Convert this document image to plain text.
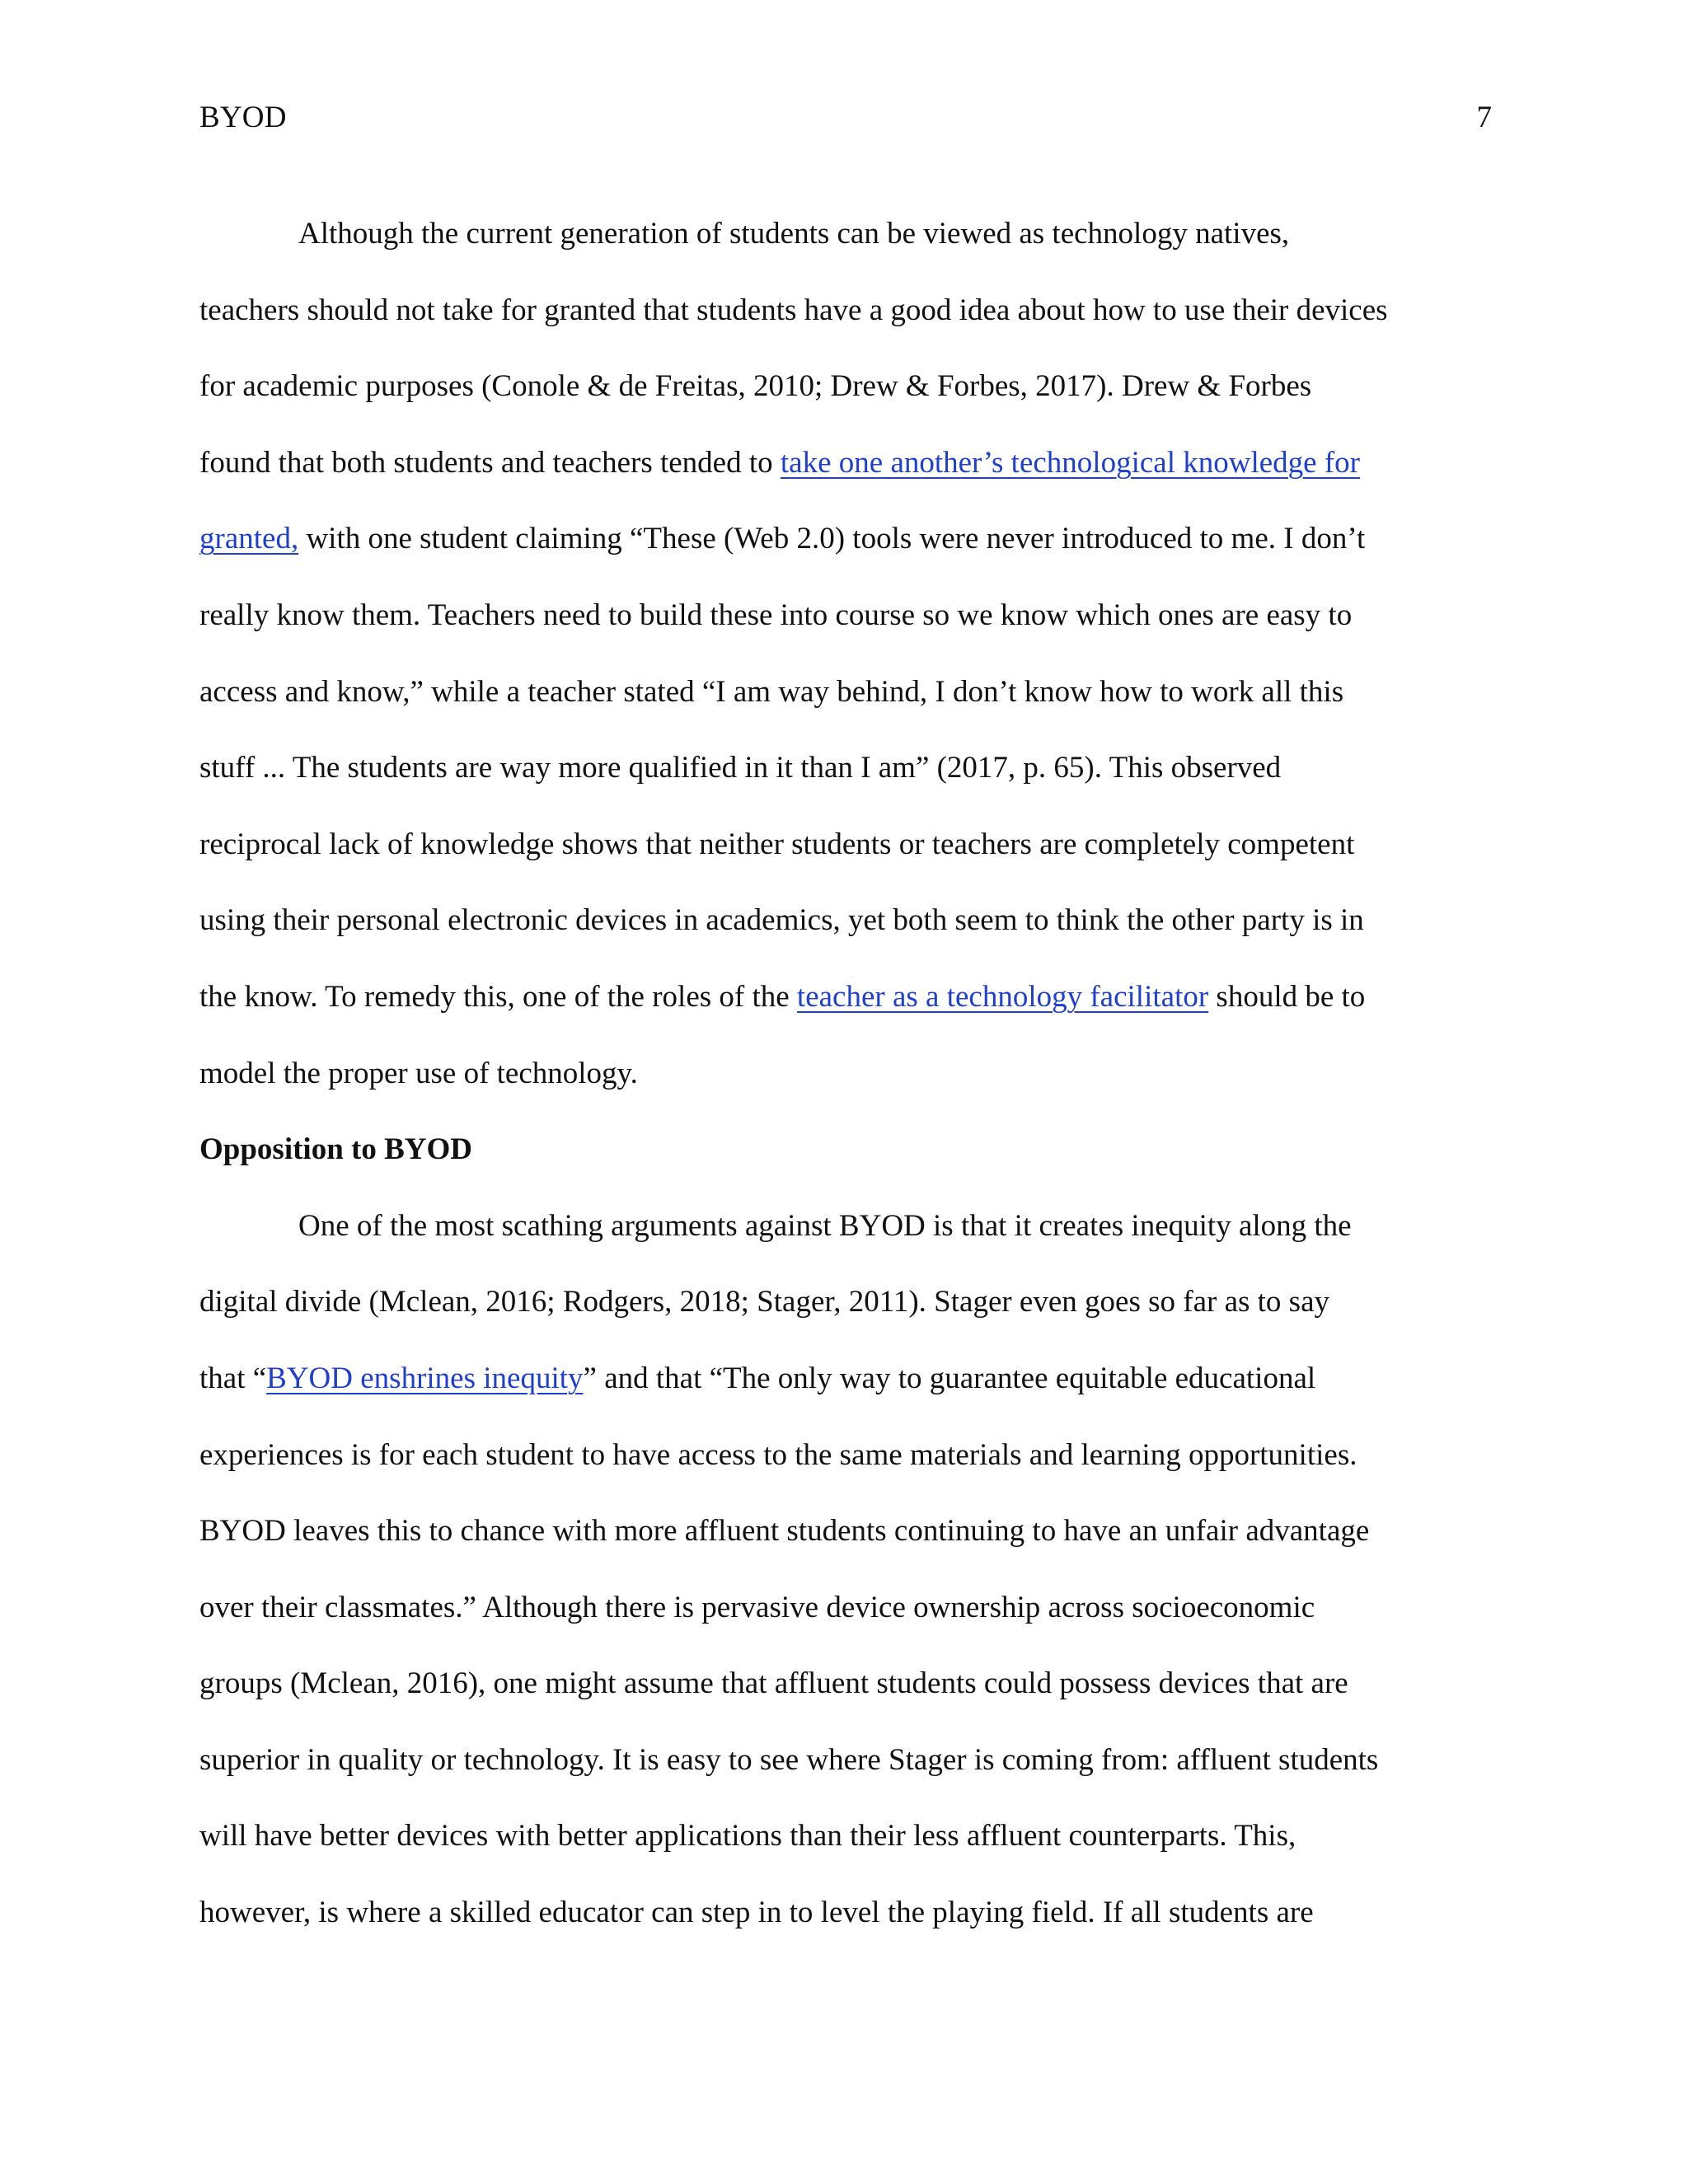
BYOD	7
Although the current generation of students can be viewed as technology natives,
teachers should not take for granted that students have a good idea about how to use their devices
for academic purposes (Conole & de Freitas, 2010; Drew & Forbes, 2017). Drew & Forbes
found that both students and teachers tended to take one another’s technological knowledge for
granted, with one student claiming “These (Web 2.0) tools were never introduced to me. I don’t
really know them. Teachers need to build these into course so we know which ones are easy to
access and know,” while a teacher stated “I am way behind, I don’t know how to work all this
stuff ... The students are way more qualified in it than I am” (2017, p. 65). This observed
reciprocal lack of knowledge shows that neither students or teachers are completely competent
using their personal electronic devices in academics, yet both seem to think the other party is in
the know. To remedy this, one of the roles of the teacher as a technology facilitator should be to
model the proper use of technology.
Opposition to BYOD
One of the most scathing arguments against BYOD is that it creates inequity along the
digital divide (Mclean, 2016; Rodgers, 2018; Stager, 2011). Stager even goes so far as to say
that “BYOD enshrines inequity” and that “The only way to guarantee equitable educational
experiences is for each student to have access to the same materials and learning opportunities.
BYOD leaves this to chance with more affluent students continuing to have an unfair advantage
over their classmates.” Although there is pervasive device ownership across socioeconomic
groups (Mclean, 2016), one might assume that affluent students could possess devices that are
superior in quality or technology. It is easy to see where Stager is coming from: affluent students
will have better devices with better applications than their less affluent counterparts. This,
however, is where a skilled educator can step in to level the playing field. If all students are
